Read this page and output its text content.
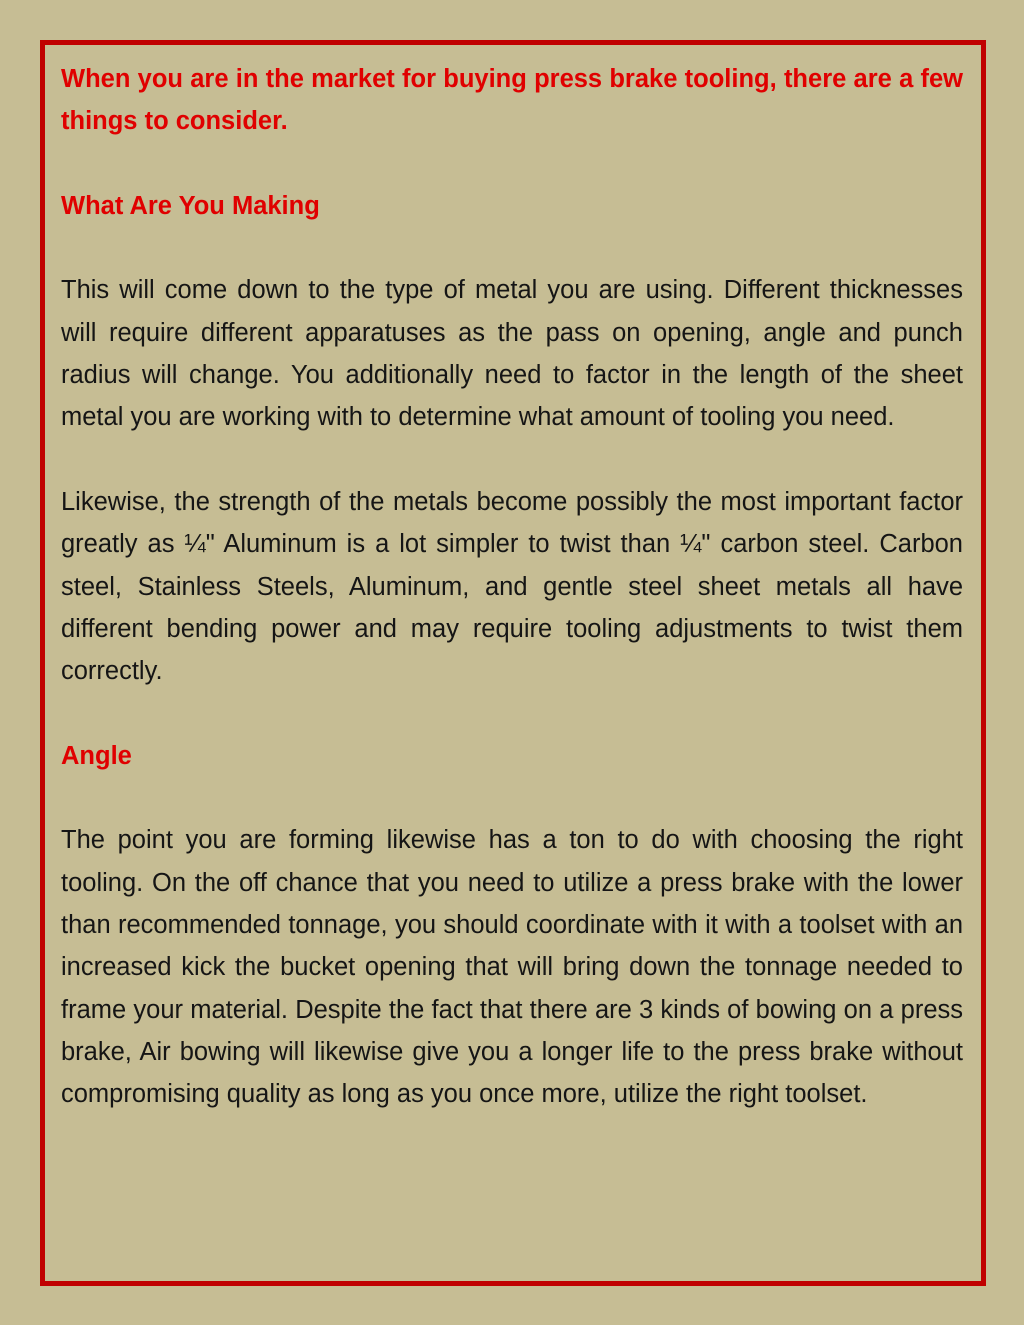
When you are in the market for buying press brake tooling, there are a few things to consider.

What Are You Making

This will come down to the type of metal you are using. Different thicknesses will require different apparatuses as the pass on opening, angle and punch radius will change. You additionally need to factor in the length of the sheet metal you are working with to determine what amount of tooling you need.

Likewise, the strength of the metals become possibly the most important factor greatly as ¼" Aluminum is a lot simpler to twist than ¼" carbon steel. Carbon steel, Stainless Steels, Aluminum, and gentle steel sheet metals all have different bending power and may require tooling adjustments to twist them correctly.

Angle

The point you are forming likewise has a ton to do with choosing the right tooling. On the off chance that you need to utilize a press brake with the lower than recommended tonnage, you should coordinate with it with a toolset with an increased kick the bucket opening that will bring down the tonnage needed to frame your material. Despite the fact that there are 3 kinds of bowing on a press brake, Air bowing will likewise give you a longer life to the press brake without compromising quality as long as you once more, utilize the right toolset.
